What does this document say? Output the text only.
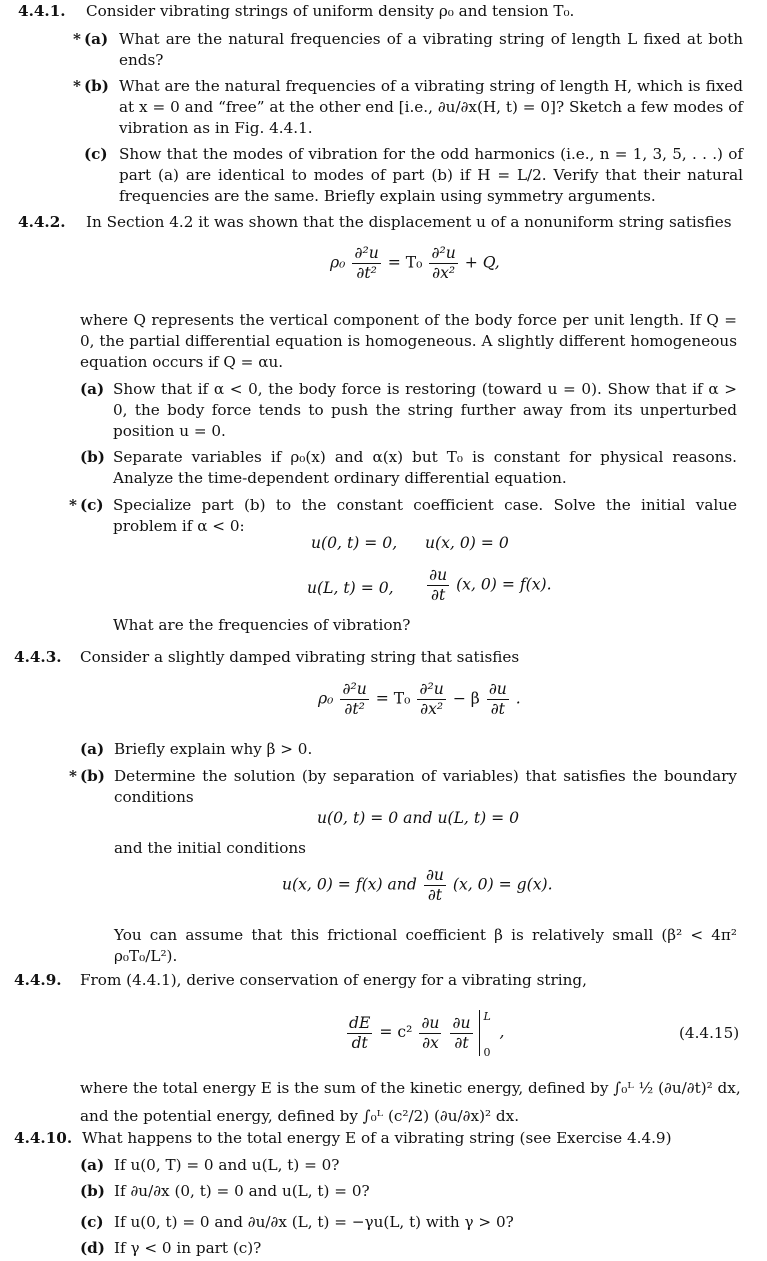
4.4.1. Consider vibrating strings of uniform density ρ₀ and tension T₀.
* (a) What are the natural frequencies of a vibrating string of length L fixed at both ends?
* (b) What are the natural frequencies of a vibrating string of length H, which is fixed at x = 0 and “free” at the other end [i.e., ∂u/∂x(H, t) = 0]? Sketch a few modes of vibration as in Fig. 4.4.1.
(c) Show that the modes of vibration for the odd harmonics (i.e., n = 1, 3, 5, . . .) of part (a) are identical to modes of part (b) if H = L/2. Verify that their natural frequencies are the same. Briefly explain using symmetry arguments.
4.4.2. In Section 4.2 it was shown that the displacement u of a nonuniform string satisfies
$\rho_0 \frac{\text{∂²u}}{\text{∂t²}} = T_0 \frac{\text{∂²u}}{\text{∂x²}} + Q$,
where Q represents the vertical component of the body force per unit length. If Q = 0, the partial differential equation is homogeneous. A slightly different homogeneous equation occurs if Q = αu.
(a) Show that if α < 0, the body force is restoring (toward u = 0). Show that if α > 0, the body force tends to push the string further away from its unperturbed position u = 0.
(b) Separate variables if ρ₀(x) and α(x) but T₀ is constant for physical reasons. Analyze the time-dependent ordinary differential equation.
* (c) Specialize part (b) to the constant coefficient case. Solve the initial value problem if α < 0:
u(0, t) = 0, u(x, 0) = 0
u(L, t) = 0, $\frac{\partial u}{\partial t} (x$, 0) = f(x).
What are the frequencies of vibration?
4.4.3. Consider a slightly damped vibrating string that satisfies
$\rho_0 \frac{\text{∂²u}}{\text{∂t²}} = T_0 \frac{\text{∂²u}}{\text{∂x²}} - \beta \frac{\partial u}{\partial t}$ .
(a) Briefly explain why β > 0.
* (b) Determine the solution (by separation of variables) that satisfies the boundary conditions
u(0, t) = 0 and u(L, t) = 0
and the initial conditions
u(x, 0) = f(x) and $\frac{\partial u}{\partial t} (x$, 0) = g(x).
You can assume that this frictional coefficient β is relatively small (β² < 4π² ρ₀T₀/L²).
4.4.9. From (4.4.1), derive conservation of energy for a vibrating string,
$\frac{dE}{dt} = c^2 \frac{\partial u}{\partial x}$
$\frac{\partial u}{\partial t}$
L
0
,	(4.4.15)
where the total energy E is the sum of the kinetic energy, defined by ∫₀ᴸ ½ (∂u/∂t)² dx,
and the potential energy, defined by ∫₀ᴸ (c²/2) (∂u/∂x)² dx.
4.4.10. What happens to the total energy E of a vibrating string (see Exercise 4.4.9)
(a) If u(0, T) = 0 and u(L, t) = 0?
(b) If ∂u/∂x (0, t) = 0 and u(L, t) = 0?
(c) If u(0, t) = 0 and ∂u/∂x (L, t) = −γu(L, t) with γ > 0?
(d) If γ < 0 in part (c)?
